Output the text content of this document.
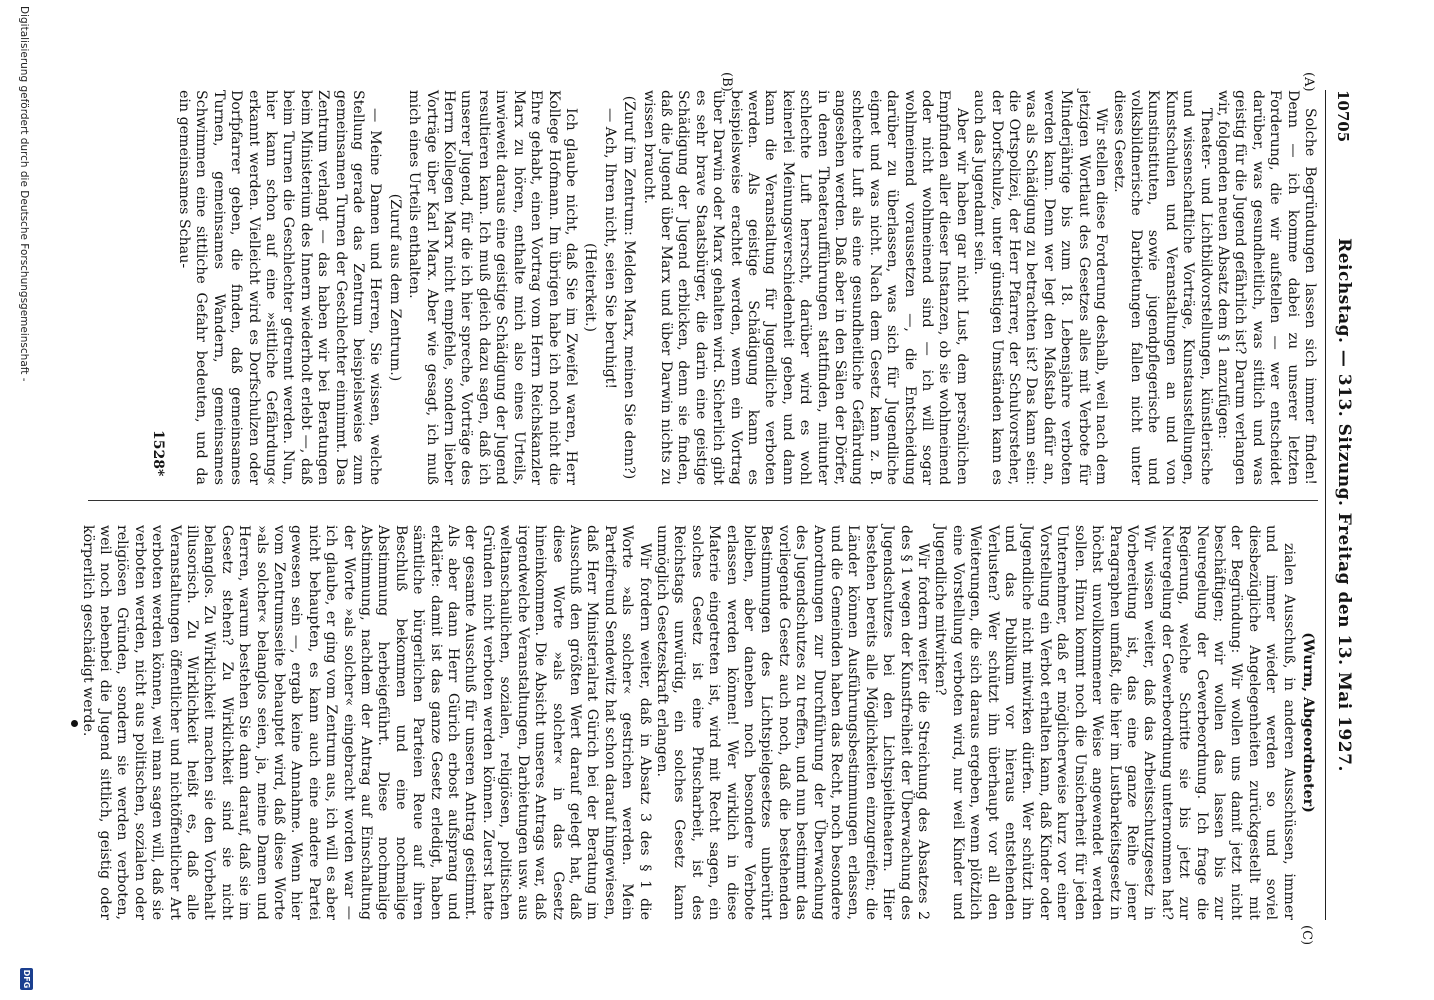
10705
Reichstag. — 313. Sitzung. Freitag den 13. Mai 1927.

Solche Begründungen lassen sich immer finden! Denn — ich komme dabei zu unserer letzten Forderung, die wir aufstellen — wer entscheidet darüber, was gesundheitlich, was sittlich und was geistig für die Jugend gefährlich ist? Darum verlangen wir, folgenden neuen Absatz dem § 1 anzufügen:

Theater- und Lichtbildvorstellungen, künstlerische und wissenschaftliche Vorträge, Kunstausstellungen, Kunstschulen und Veranstaltungen an und von Kunstinstituten, sowie jugendpflegerische und volksbildnerische Darbietungen fallen nicht unter dieses Gesetz.

Wir stellen diese Forderung deshalb, weil nach dem jetzigen Wortlaut des Gesetzes alles mit Verbote für Minderjährige bis zum 18. Lebensjahre verboten werden kann. Denn wer legt den Maßstab dafür an, was als Schädigung zu betrachten ist? Das kann sein: die Ortspolizei, der Herr Pfarrer, der Schulvorsteher, der Dorfschulze, unter günstigen Umständen kann es auch das Jugendamt sein.

Aber wir haben gar nicht Lust, dem persönlichen Empfinden aller dieser Instanzen, ob sie wohlmeinend oder nicht wohlmeinend sind — ich will sogar wohlmeinend voraussetzen —, die Entscheidung darüber zu überlassen, was sich für Jugendliche eignet und was nicht. Nach dem Gesetz kann z. B. schlechte Luft als eine gesundheitliche Gefährdung angesehen werden. Daß aber in den Sälen der Dörfer, in denen Theateraufführungen stattfinden, mitunter schlechte Luft herrscht, darüber wird es wohl keinerlei Meinungsverschiedenheit geben, und dann kann die Veranstaltung für Jugendliche verboten werden. Als geistige Schädigung kann es beispielsweise erachtet werden, wenn ein Vortrag über Darwin oder Marx gehalten wird. Sicherlich gibt es sehr brave Staatsbürger, die darin eine geistige Schädigung der Jugend erblicken, denn sie finden, daß die Jugend über Marx und über Darwin nichts zu wissen braucht.

(Zuruf im Zentrum: Melden Marx, meinen Sie denn?)

— Ach, Ihren nicht, seien Sie beruhigt!

(Heiterkeit.)

Ich glaube nicht, daß Sie im Zweifel waren, Herr Kollege Hofmann. Im übrigen habe ich noch nicht die Ehre gehabt, einen Vortrag vom Herrn Reichskanzler Marx zu hören, enthalte mich also eines Urteils, inwieweit daraus eine geistige Schädigung der Jugend resultieren kann. Ich muß gleich dazu sagen, daß ich unserer Jugend, für die ich hier spreche, Vorträge des Herrn Kollegen Marx nicht empfehle, sondern lieber Vorträge über Karl Marx. Aber wie gesagt, ich muß mich eines Urteils enthalten.

(Zuruf aus dem Zentrum.)

— Meine Damen und Herren, Sie wissen, welche Stellung gerade das Zentrum beispielsweise zum gemeinsamen Turnen der Geschlechter einnimmt. Das Zentrum verlangt — das haben wir bei Beratungen beim Ministerium des Innern wiederholt erlebt —, daß beim Turnen die Geschlechter getrennt werden. Nun, hier kann schon auf eine »sittliche Gefährdung« erkannt werden. Vielleicht wird es Dorfschulzen oder Dorfpfarrer geben, die finden, daß gemeinsames Turnen, gemeinsames Wandern, gemeinsames Schwimmen eine sittliche Gefahr bedeuten, und da ein gemeinsames Schau-

(Wurm, Abgeordneter)

zialen Ausschuß, in anderen Ausschüssen, immer und immer wieder werden so und soviel diesbezügliche Angelegenheiten zurückgestellt mit der Begründung: Wir wollen uns damit jetzt nicht beschäftigen; wir wollen das lassen bis zur Neuregelung der Gewerbeordnung. Ich frage die Regierung, welche Schritte sie bis jetzt zur Neuregelung der Gewerbeordnung unternommen hat? Wir wissen weiter, daß das Arbeitsschutzgesetz in Vorbereitung ist, das eine ganze Reihe jener Paragraphen umfaßt, die hier im Lustbarkeitsgesetz in höchst unvollkommener Weise angewendet werden sollen. Hinzu kommt noch die Unsicherheit für jeden Unternehmer, daß er möglicherweise kurz vor einer Vorstellung ein Verbot erhalten kann, daß Kinder oder Jugendliche nicht mitwirken dürfen. Wer schützt ihn und das Publikum vor hieraus entstehenden Verlusten? Wer schützt ihn überhaupt vor all den Weiterungen, die sich daraus ergeben, wenn plötzlich eine Vorstellung verboten wird, nur weil Kinder und Jugendliche mitwirken?

Wir fordern weiter die Streichung des Absatzes 2 des § 1 wegen der Kunstfreiheit der Überwachung des Jugendschutzes bei den Lichtspieltheatern. Hier bestehen bereits alle Möglichkeiten einzugreifen; die Länder können Ausführungsbestimmungen erlassen, und die Gemeinden haben das Recht, noch besondere Anordnungen zur Durchführung der Überwachung des Jugendschutzes zu treffen, und nun bestimmt das vorliegende Gesetz auch noch, daß die bestehenden Bestimmungen des Lichtspielgesetzes unberührt bleiben, aber daneben noch besondere Verbote erlassen werden können! Wer wirklich in diese Materie eingetreten ist, wird mit Recht sagen, ein solches Gesetz ist eine Pfuscharbeit, ist des Reichstags unwürdig, ein solches Gesetz kann unmöglich Gesetzeskraft erlangen.

Wir fordern weiter, daß in Absatz 3 des § 1 die Worte »als solcher« gestrichen werden. Mein Parteifreund Sendewitz hat schon darauf hingewiesen, daß Herr Ministerialrat Gürich bei der Beratung im Ausschuß den größten Wert darauf gelegt hat, daß diese Worte »als solcher« in das Gesetz hineinkommen. Die Absicht unseres Antrags war, daß irgendwelche Veranstaltungen, Darbietungen usw. aus weltanschaulichen, sozialen, religiösen, politischen Gründen nicht verboten werden können. Zuerst hatte der gesamte Ausschuß für unseren Antrag gestimmt. Als aber dann Herr Gürich erbost aufsprang und erklärte: damit ist das ganze Gesetz erledigt, haben sämtliche bürgerlichen Parteien Reue auf ihren Beschluß bekommen und eine nochmalige Abstimmung herbeigeführt. Diese nochmalige Abstimmung, nachdem der Antrag auf Einschaltung der Worte »als solcher« eingebracht worden war — ich glaube, er ging vom Zentrum aus, ich will es aber nicht behaupten, es kann auch eine andere Partei gewesen sein —, ergab keine Annahme. Wenn hier vom Zentrumsseite behauptet wird, daß diese Worte »als solcher« belanglos seien, ja, meine Damen und Herren, warum bestehen Sie dann darauf, daß sie im Gesetz stehen? Zu Wirklichkeit sind sie nicht belanglos. Zu Wirklichkeit machen sie den Vorbehalt illusorisch. Zu Wirklichkeit heißt es, daß alle Veranstaltungen öffentlicher und nichtöffentlicher Art verboten werden können, weil man sagen will, daß sie verboten werden, nicht aus politischen, sozialen oder religiösen Gründen, sondern sie werden verboten, weil noch nebenbei die Jugend sittlich, geistig oder körperlich geschädigt werde.

(C)
(A)
(B)
1528*
Digitalisierung gefördert durch die Deutsche Forschungsgemeinschaft -
DFG
